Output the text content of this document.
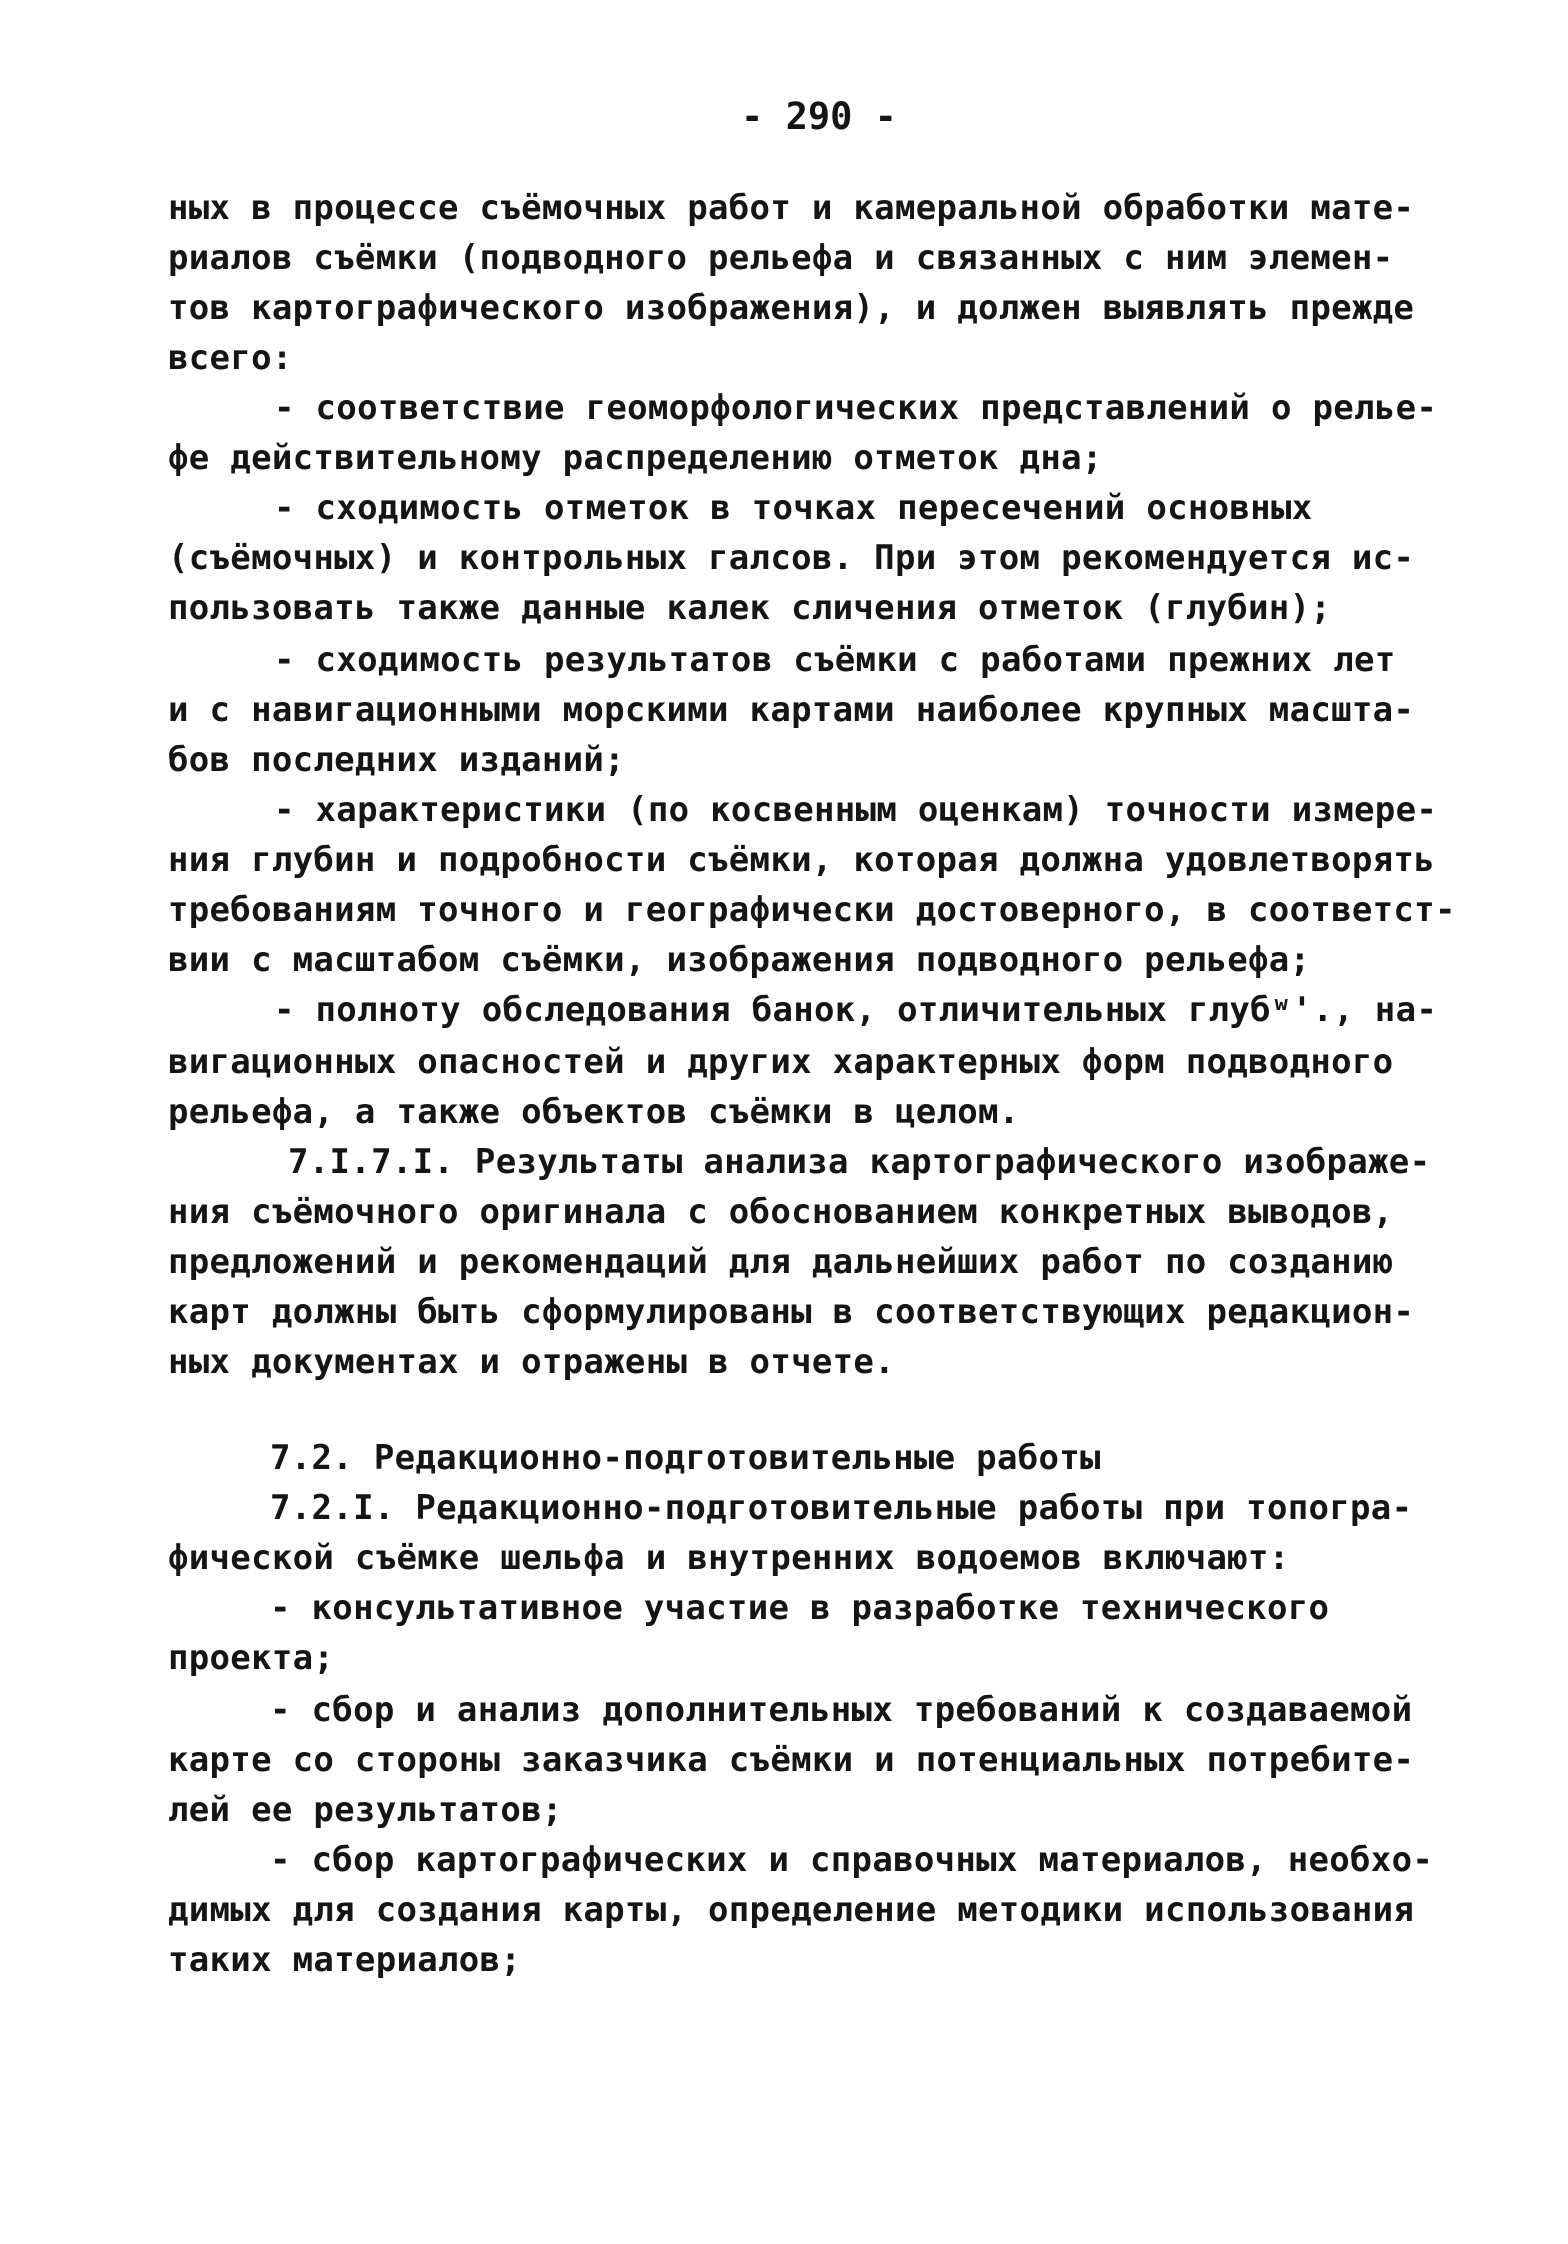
- 290 -
ных в процессе съёмочных работ и камеральной обработки мате-
риалов съёмки (подводного рельефа и связанных с ним элемен-
тов картографического изображения), и должен выявлять прежде
всего:
- соответствие геоморфологических представлений о релье-
фе действительному распределению отметок дна;
- сходимость отметок в точках пересечений основных
(съёмочных) и контрольных галсов. При этом рекомендуется ис-
пользовать также данные калек сличения отметок (глубин);
- сходимость результатов съёмки с работами прежних лет
и с навигационными морскими картами наиболее крупных масшта-
бов последних изданий;
- характеристики (по косвенным оценкам) точности измере-
ния глубин и подробности съёмки, которая должна удовлетворять
требованиям точного и географически достоверного, в соответст-
вии с масштабом съёмки, изображения подводного рельефа;
- полноту обследования банок, отличительных глубʷ'., на-
вигационных опасностей и других характерных форм подводного
рельефа, а также объектов съёмки в целом.
7.I.7.I. Результаты анализа картографического изображе-
ния съёмочного оригинала с обоснованием конкретных выводов,
предложений и рекомендаций для дальнейших работ по созданию
карт должны быть сформулированы в соответствующих редакцион-
ных документах и отражены в отчете.
7.2. Редакционно-подготовительные работы
7.2.I. Редакционно-подготовительные работы при топогра-
фической съёмке шельфа и внутренних водоемов включают:
- консультативное участие в разработке технического
проекта;
- сбор и анализ дополнительных требований к создаваемой
карте со стороны заказчика съёмки и потенциальных потребите-
лей ее результатов;
- сбор картографических и справочных материалов, необхо-
димых для создания карты, определение методики использования
таких материалов;
